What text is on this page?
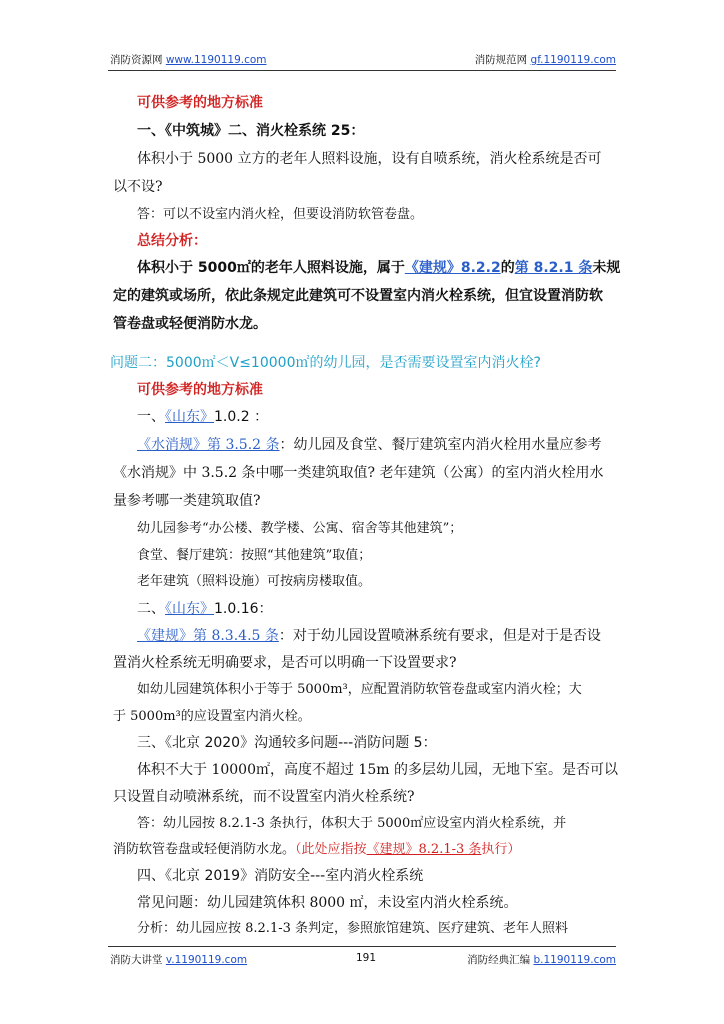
消防资源网 www.1190119.com	消防规范网 gf.1190119.com
可供参考的地方标准
一、《中筑城》二、消火栓系统 25：
体积小于 5000 立方的老年人照料设施，设有自喷系统，消火栓系统是否可
以不设?
答：可以不设室内消火栓，但要设消防软管卷盘。
总结分析：
体积小于 5000㎡的老年人照料设施，属于《建规》8.2.2的第 8.2.1 条未规
定的建筑或场所，依此条规定此建筑可不设置室内消火栓系统，但宜设置消防软
管卷盘或轻便消防水龙。
问题二：5000㎡＜V≤10000㎡的幼儿园，是否需要设置室内消火栓?
可供参考的地方标准
一、《山东》1.0.2 ：
《水消规》第 3.5.2 条：幼儿园及食堂、餐厅建筑室内消火栓用水量应参考
《水消规》中 3.5.2 条中哪一类建筑取值? 老年建筑（公寓）的室内消火栓用水
量参考哪一类建筑取值?
幼儿园参考“办公楼、教学楼、公寓、宿舍等其他建筑”；
食堂、餐厅建筑：按照“其他建筑”取值；
老年建筑（照料设施）可按病房楼取值。
二、《山东》1.0.16：
《建规》第 8.3.4.5 条：对于幼儿园设置喷淋系统有要求，但是对于是否设
置消火栓系统无明确要求，是否可以明确一下设置要求?
如幼儿园建筑体积小于等于 5000m³，应配置消防软管卷盘或室内消火栓；大
于 5000m³的应设置室内消火栓。
三、《北京 2020》沟通较多问题---消防问题 5：
体积不大于 10000㎡，高度不超过 15m 的多层幼儿园，无地下室。是否可以
只设置自动喷淋系统，而不设置室内消火栓系统?
答：幼儿园按 8.2.1-3 条执行，体积大于 5000㎡应设室内消火栓系统，并
消防软管卷盘或轻便消防水龙。（此处应指按《建规》8.2.1-3 条执行）
四、《北京 2019》消防安全---室内消火栓系统
常见问题：幼儿园建筑体积 8000 ㎡，未设室内消火栓系统。
分析：幼儿园应按 8.2.1-3 条判定，参照旅馆建筑、医疗建筑、老年人照料
消防大讲堂 v.1190119.com	191	消防经典汇编 b.1190119.com
